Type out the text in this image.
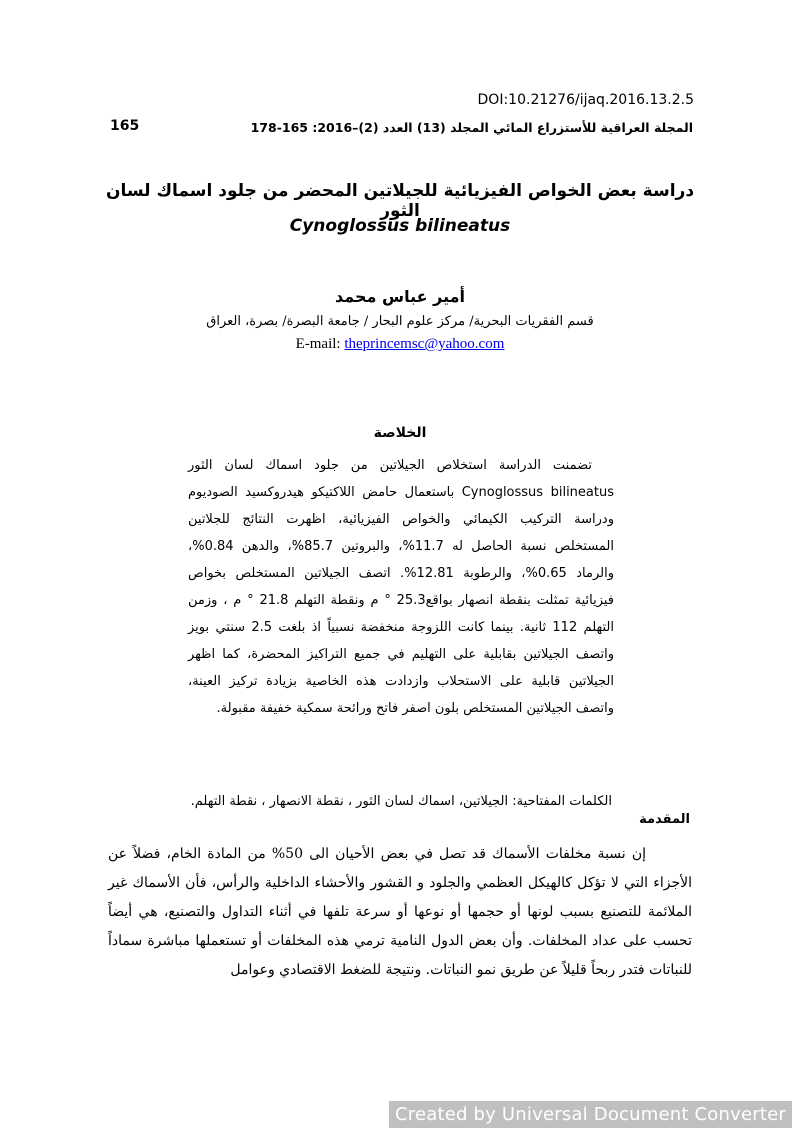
DOI:10.21276/ijaq.2016.13.2.5
المجلة العراقية للأستزراع المائي المجلد (13) العدد (2)–2016: 165-178
165
دراسة بعض الخواص الفيزيائية للجيلاتين المحضر من جلود اسماك لسان الثور
Cynoglossus bilineatus
أمير عباس محمد
قسم الفقريات البحرية/ مركز علوم البحار / جامعة البصرة/ بصرة، العراق
E-mail: theprincemsc@yahoo.com
الخلاصة

تضمنت الدراسة استخلاص الجيلاتين من جلود اسماك لسان الثور Cynoglossus bilineatus باستعمال حامض اللاكتيكو هيدروكسيد الصوديوم ودراسة التركيب الكيمائي والخواص الفيزيائية، اظهرت النتائج للجلاتين المستخلص نسبة الحاصل له 11.7%، والبروتين 85.7%، والدهن 0.84%، والرماد 0.65%، والرطوبة 12.81%. اتصف الجيلاتين المستخلص بخواص فيزيائية تمثلت بنقطة انصهار بواقع25.3 ° م ونقطة التهلم 21.8 ° م ، وزمن التهلم 112 ثانية. بينما كانت اللزوجة منخفضة نسبياً اذ بلغت 2.5 سنتي بويز واتصف الجيلاتين بقابلية على التهليم في جميع التراكيز المحضرة، كما اظهر الجيلاتين قابلية على الاستحلاب وازدادت هذه الخاصية بزيادة تركيز العينة، واتصف الجيلاتين المستخلص بلون اصفر فاتح ورائحة سمكية خفيفة مقبولة.

الكلمات المفتاحية: الجيلاتين، اسماك لسان الثور ، نقطة الانصهار ، نقطة التهلم.
المقدمة

إن نسبة مخلفات الأسماك قد تصل في بعض الأحيان الى 50% من المادة الخام، فضلاً عن الأجزاء التي لا تؤكل كالهيكل العظمي والجلود و القشور والأحشاء الداخلية والرأس، فأن الأسماك غير الملائمة للتصنيع بسبب لونها أو حجمها أو نوعها أو سرعة تلفها في أثناء التداول والتصنيع، هي أيضاً تحسب على عداد المخلفات. وأن بعض الدول النامية ترمي هذه المخلفات أو تستعملها مباشرة سماداً للنباتات فتدر ربحاً قليلاً عن طريق نمو النباتات. ونتيجة للضغط الاقتصادي وعوامل

Created by Universal Document Converter
